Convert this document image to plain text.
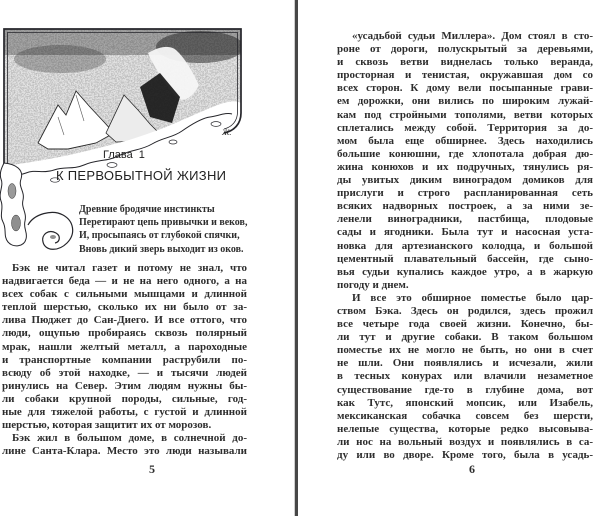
Ж.
Глава 1
К ПЕРВОБЫТНОЙ ЖИЗНИ
Древние бродячие инстинкты
Перетирают цепь привычки и веков,
И, просыпаясь от глубокой спячки,
Вновь дикий зверь выходит из оков.
Бэк не читал газет и потому не знал, что
надвигается беда — и не на него одного, а на
всех собак с сильными мышцами и длинной
теплой шерстью, сколько их ни было от за-
лива Пюджет до Сан-Диего. И все оттого, что
люди, ощупью пробираясь сквозь полярный
мрак, нашли желтый металл, а пароходные
и транспортные компании раструбили по-
всюду об этой находке, — и тысячи людей
ринулись на Север. Этим людям нужны бы-
ли собаки крупной породы, сильные, год-
ные для тяжелой работы, с густой и длинной
шерстью, которая защитит их от морозов.
Бэк жил в большом доме, в солнечной до-
лине Санта-Клара. Место это люди называли
5
«усадьбой судьи Миллера». Дом стоял в сто-
роне от дороги, полускрытый за деревьями,
и сквозь ветви виднелась только веранда,
просторная и тенистая, окружавшая дом со
всех сторон. К дому вели посыпанные грави-
ем дорожки, они вились по широким лужай-
кам под стройными тополями, ветви которых
сплетались между собой. Территория за до-
мом была еще обширнее. Здесь находились
большие конюшни, где хлопотала добрая дю-
жина конюхов и их подручных, тянулись ря-
ды увитых диким виноградом домиков для
прислуги и строго распланированная сеть
всяких надворных построек, а за ними зе-
ленели виноградники, пастбища, плодовые
сады и ягодники. Была тут и насосная уста-
новка для артезианского колодца, и большой
цементный плавательный бассейн, где сыно-
вья судьи купались каждое утро, а в жаркую
погоду и днем.
И все это обширное поместье было цар-
ством Бэка. Здесь он родился, здесь прожил
все четыре года своей жизни. Конечно, бы-
ли тут и другие собаки. В таком большом
поместье их не могло не быть, но они в счет
не шли. Они появлялись и исчезали, жили
в тесных конурах или влачили незаметное
существование где-то в глубине дома, вот
как Тутс, японский мопсик, или Изабель,
мексиканская собачка совсем без шерсти,
нелепые существа, которые редко высовыва-
ли нос на вольный воздух и появлялись в са-
ду или во дворе. Кроме того, была в усадь-
6
